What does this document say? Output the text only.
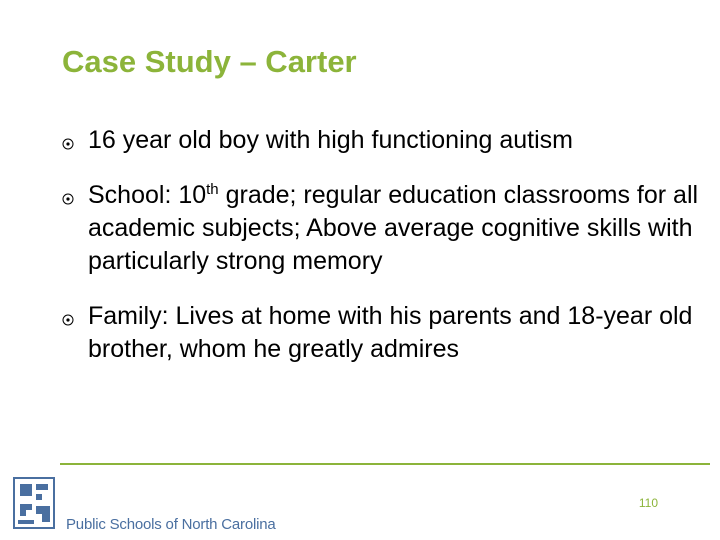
Case Study – Carter
16 year old boy with high functioning autism
School: 10th grade; regular education classrooms for all academic subjects; Above average cognitive skills with particularly strong memory
Family: Lives at home with his parents and 18-year old brother, whom he greatly admires
110
Public Schools of North Carolina
